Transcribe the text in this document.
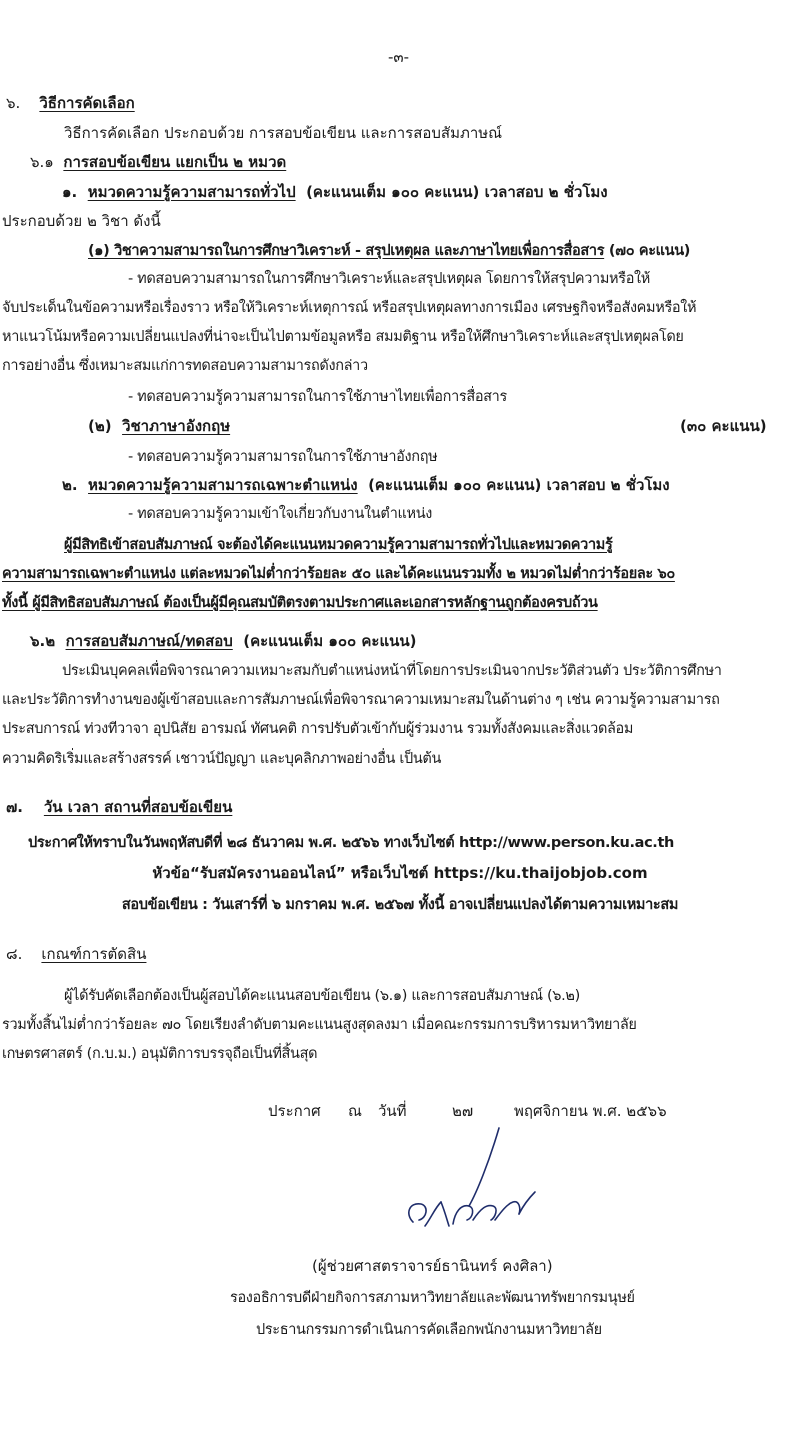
-๓-
๖. วิธีการคัดเลือก
วิธีการคัดเลือก ประกอบด้วย การสอบข้อเขียน และการสอบสัมภาษณ์
๖.๑ การสอบข้อเขียน แยกเป็น ๒ หมวด
๑. หมวดความรู้ความสามารถทั่วไป (คะแนนเต็ม ๑๐๐ คะแนน) เวลาสอบ ๒ ชั่วโมง
ประกอบด้วย ๒ วิชา ดังนี้
(๑) วิชาความสามารถในการศึกษาวิเคราะห์ - สรุปเหตุผล และภาษาไทยเพื่อการสื่อสาร (๗๐ คะแนน)
- ทดสอบความสามารถในการศึกษาวิเคราะห์และสรุปเหตุผล โดยการให้สรุปความหรือให้
จับประเด็นในข้อความหรือเรื่องราว หรือให้วิเคราะห์เหตุการณ์ หรือสรุปเหตุผลทางการเมือง เศรษฐกิจหรือสังคมหรือให้
หาแนวโน้มหรือความเปลี่ยนแปลงที่น่าจะเป็นไปตามข้อมูลหรือ สมมติฐาน หรือให้ศึกษาวิเคราะห์และสรุปเหตุผลโดย
การอย่างอื่น ซึ่งเหมาะสมแก่การทดสอบความสามารถดังกล่าว
- ทดสอบความรู้ความสามารถในการใช้ภาษาไทยเพื่อการสื่อสาร
(๒) วิชาภาษาอังกฤษ	(๓๐ คะแนน)
- ทดสอบความรู้ความสามารถในการใช้ภาษาอังกฤษ
๒. หมวดความรู้ความสามารถเฉพาะตำแหน่ง (คะแนนเต็ม ๑๐๐ คะแนน) เวลาสอบ ๒ ชั่วโมง
- ทดสอบความรู้ความเข้าใจเกี่ยวกับงานในตำแหน่ง
ผู้มีสิทธิเข้าสอบสัมภาษณ์ จะต้องได้คะแนนหมวดความรู้ความสามารถทั่วไปและหมวดความรู้
ความสามารถเฉพาะตำแหน่ง แต่ละหมวดไม่ต่ำกว่าร้อยละ ๕๐ และได้คะแนนรวมทั้ง ๒ หมวดไม่ต่ำกว่าร้อยละ ๖๐
ทั้งนี้ ผู้มีสิทธิสอบสัมภาษณ์ ต้องเป็นผู้มีคุณสมบัติตรงตามประกาศและเอกสารหลักฐานถูกต้องครบถ้วน
๖.๒ การสอบสัมภาษณ์/ทดสอบ (คะแนนเต็ม ๑๐๐ คะแนน)
ประเมินบุคคลเพื่อพิจารณาความเหมาะสมกับตำแหน่งหน้าที่โดยการประเมินจากประวัติส่วนตัว ประวัติการศึกษา
และประวัติการทำงานของผู้เข้าสอบและการสัมภาษณ์เพื่อพิจารณาความเหมาะสมในด้านต่าง ๆ เช่น ความรู้ความสามารถ
ประสบการณ์ ท่วงทีวาจา อุปนิสัย อารมณ์ ทัศนคติ การปรับตัวเข้ากับผู้ร่วมงาน รวมทั้งสังคมและสิ่งแวดล้อม
ความคิดริเริ่มและสร้างสรรค์ เชาวน์ปัญญา และบุคลิกภาพอย่างอื่น เป็นต้น
๗. วัน เวลา สถานที่สอบข้อเขียน
ประกาศให้ทราบในวันพฤหัสบดีที่ ๒๘ ธันวาคม พ.ศ. ๒๕๖๖ ทางเว็บไซต์ http://www.person.ku.ac.th
หัวข้อ“รับสมัครงานออนไลน์” หรือเว็บไซต์ https://ku.thaijobjob.com
สอบข้อเขียน : วันเสาร์ที่ ๖ มกราคม พ.ศ. ๒๕๖๗ ทั้งนี้ อาจเปลี่ยนแปลงได้ตามความเหมาะสม
๘. เกณฑ์การตัดสิน
ผู้ได้รับคัดเลือกต้องเป็นผู้สอบได้คะแนนสอบข้อเขียน (๖.๑) และการสอบสัมภาษณ์ (๖.๒)
รวมทั้งสิ้นไม่ต่ำกว่าร้อยละ ๗๐ โดยเรียงลำดับตามคะแนนสูงสุดลงมา เมื่อคณะกรรมการบริหารมหาวิทยาลัย
เกษตรศาสตร์ (ก.บ.ม.) อนุมัติการบรรจุถือเป็นที่สิ้นสุด
ประกาศ ณ วันที่	๒๗	พฤศจิกายน พ.ศ. ๒๕๖๖
(ผู้ช่วยศาสตราจารย์ธานินทร์ คงศิลา)
รองอธิการบดีฝ่ายกิจการสภามหาวิทยาลัยและพัฒนาทรัพยากรมนุษย์
ประธานกรรมการดำเนินการคัดเลือกพนักงานมหาวิทยาลัย
